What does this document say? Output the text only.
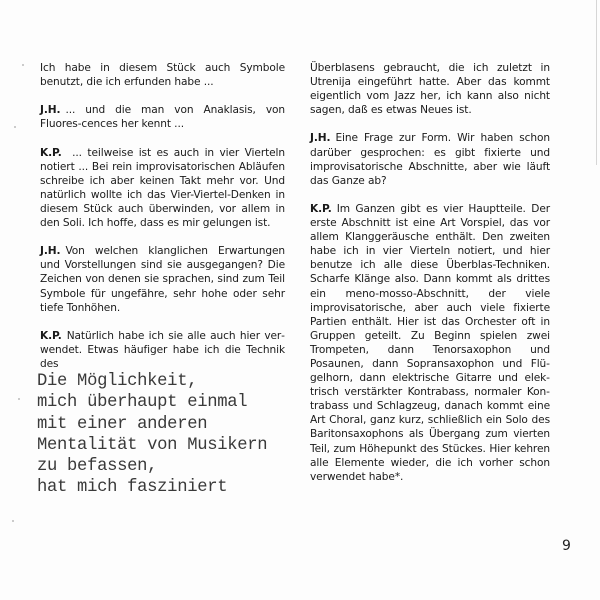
Ich habe in diesem Stück auch Symbole benutzt, die ich erfunden habe ...

J.H. ... und die man von Anaklasis, von Fluores-cences her kennt ...

K.P. ... teilweise ist es auch in vier Vierteln notiert ... Bei rein improvisatorischen Abläufen schreibe ich aber keinen Takt mehr vor. Und natürlich wollte ich das Vier-Viertel-Denken in diesem Stück auch überwinden, vor allem in den Soli. Ich hoffe, dass es mir gelungen ist.

J.H. Von welchen klanglichen Erwartungen und Vorstellungen sind sie ausgegangen? Die Zeichen von denen sie sprachen, sind zum Teil Symbole für ungefähre, sehr hohe oder sehr tiefe Tonhöhen.

K.P. Natürlich habe ich sie alle auch hier verwendet. Etwas häufiger habe ich die Technik des

Die Möglichkeit,
mich überhaupt einmal
mit einer anderen
Mentalität von Musikern
zu befassen,
hat mich fasziniert

Überblasens gebraucht, die ich zuletzt in Utrenija eingeführt hatte. Aber das kommt eigentlich vom Jazz her, ich kann also nicht sagen, daß es etwas Neues ist.

J.H. Eine Frage zur Form. Wir haben schon darüber gesprochen: es gibt fixierte und improvisatorische Abschnitte, aber wie läuft das Ganze ab?

K.P. Im Ganzen gibt es vier Hauptteile. Der erste Abschnitt ist eine Art Vorspiel, das vor allem Klanggeräusche enthält. Den zweiten habe ich in vier Vierteln notiert, und hier benutze ich alle diese Überblas-Techniken. Scharfe Klänge also. Dann kommt als drittes ein meno-mosso-Abschnitt, der viele improvisatorische, aber auch viele fixierte Partien enthält. Hier ist das Orchester oft in Gruppen geteilt. Zu Beginn spielen zwei Trompeten, dann Tenorsaxophon und Posaunen, dann Sopransaxophon und Flügelhorn, dann elektrische Gitarre und elektrisch verstärkter Kontrabass, normaler Kontrabass und Schlagzeug, danach kommt eine Art Choral, ganz kurz, schließlich ein Solo des Baritonsaxophons als Übergang zum vierten Teil, zum Höhepunkt des Stückes. Hier kehren alle Elemente wieder, die ich vorher schon verwendet habe*.

9
